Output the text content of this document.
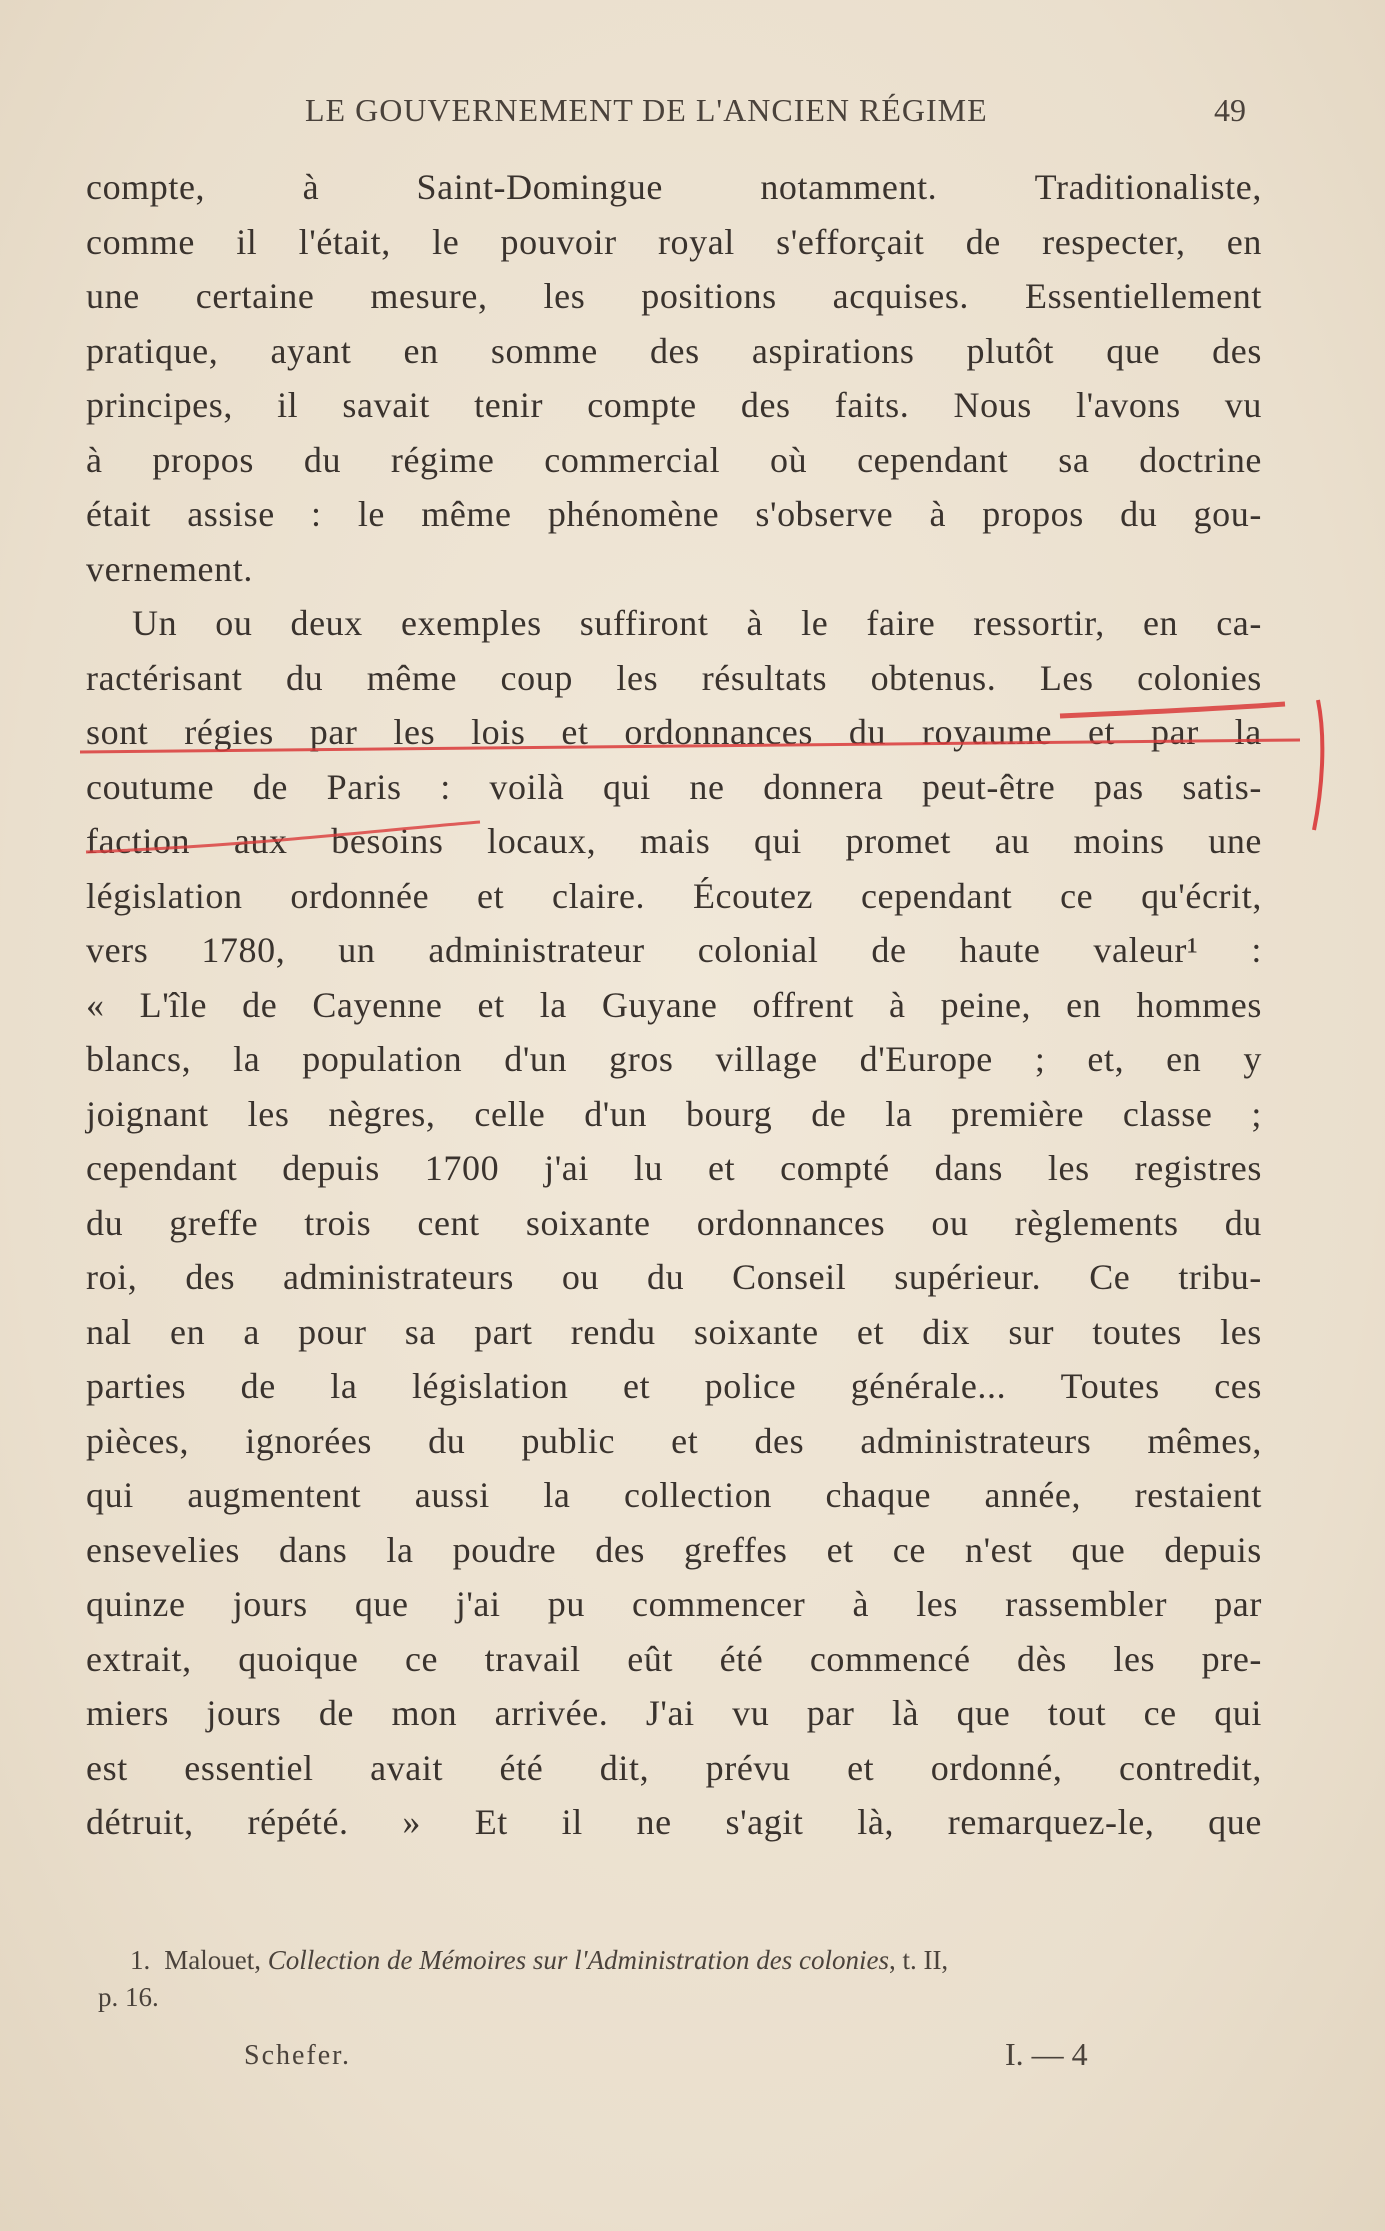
LE GOUVERNEMENT DE L'ANCIEN RÉGIME	49
compte,	à	Saint-Domingue	notamment.	Traditionaliste,
comme il l'était, le pouvoir royal s'efforçait de respecter, en
une certaine mesure, les positions acquises. Essentiellement
pratique, ayant en somme des aspirations plutôt que des
principes, il savait tenir compte des faits. Nous l'avons vu
à propos du régime commercial où cependant sa doctrine
était assise : le même phénomène s'observe à propos du gou-
vernement.
Un ou deux exemples suffiront à le faire ressortir, en ca-
ractérisant du même coup les résultats obtenus. Les colonies
sont régies par les lois et ordonnances du royaume et par la
coutume de Paris : voilà qui ne donnera peut-être pas satis-
faction aux besoins locaux, mais qui promet au moins une
législation ordonnée et claire. Écoutez cependant ce qu'écrit,
vers 1780, un administrateur colonial de haute valeur¹ :
« L'île de Cayenne et la Guyane offrent à peine, en hommes
blancs, la population d'un gros village d'Europe ; et, en y
joignant les nègres, celle d'un bourg de la première classe ;
cependant depuis 1700 j'ai lu et compté dans les registres
du greffe trois cent soixante ordonnances ou règlements du
roi, des administrateurs ou du Conseil supérieur. Ce tribu-
nal en a pour sa part rendu soixante et dix sur toutes les
parties de la législation et police générale... Toutes ces
pièces, ignorées du public et des administrateurs mêmes,
qui augmentent aussi la collection chaque année, restaient
ensevelies dans la poudre des greffes et ce n'est que depuis
quinze jours que j'ai pu commencer à les rassembler par
extrait, quoique ce travail eût été commencé dès les pre-
miers jours de mon arrivée. J'ai vu par là que tout ce qui
est essentiel avait été dit, prévu et ordonné, contredit,
détruit, répété. » Et il ne s'agit là, remarquez-le, que
1. Malouet, Collection de Mémoires sur l'Administration des colonies, t. II,
p. 16.
Schefer.	I. — 4
